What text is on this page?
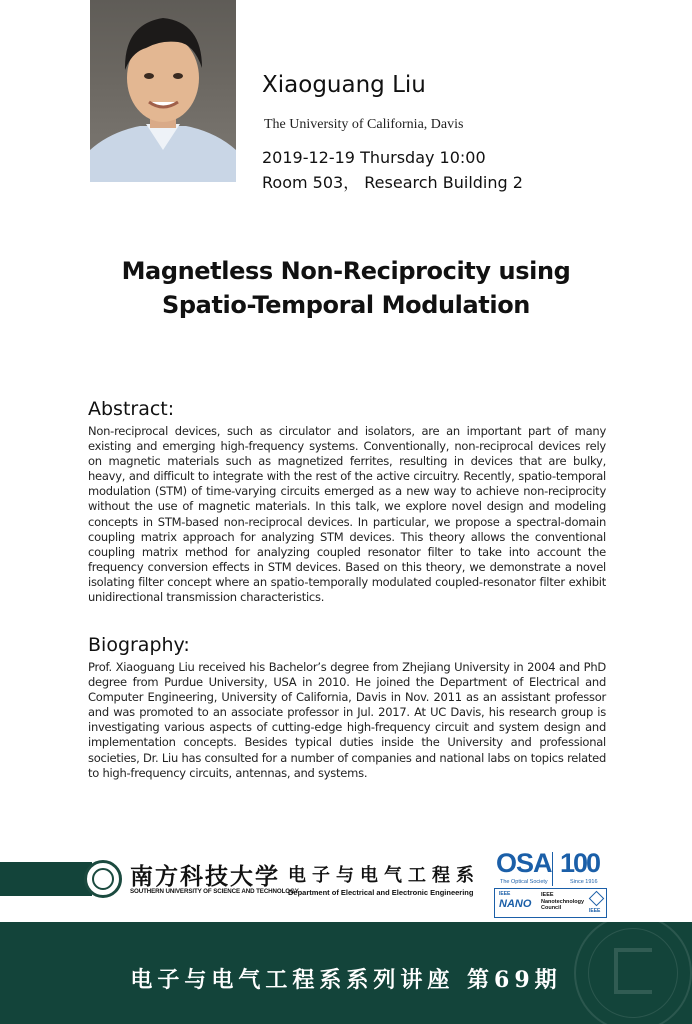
Xiaoguang Liu
The University of California, Davis
2019-12-19 Thursday 10:00
Room 503， Research Building 2
Magnetless Non-Reciprocity using
Spatio-Temporal Modulation
Abstract:
Non-reciprocal devices, such as circulator and isolators, are an important part of many existing and emerging high-frequency systems. Conventionally, non-reciprocal devices rely on magnetic materials such as magnetized ferrites, resulting in devices that are bulky, heavy, and difficult to integrate with the rest of the active circuitry. Recently, spatio-temporal modulation (STM) of time-varying circuits emerged as a new way to achieve non-reciprocity without the use of magnetic materials. In this talk, we explore novel design and modeling concepts in STM-based non-reciprocal devices. In particular, we propose a spectral-domain coupling matrix approach for analyzing STM devices. This theory allows the conventional coupling matrix method for analyzing coupled resonator filter to take into account the frequency conversion effects in STM devices. Based on this theory, we demonstrate a novel isolating filter concept where an spatio-temporally modulated coupled-resonator filter exhibit unidirectional transmission characteristics.
Biography:
Prof. Xiaoguang Liu received his Bachelor’s degree from Zhejiang University in 2004 and PhD degree from Purdue University, USA in 2010. He joined the Department of Electrical and Computer Engineering, University of California, Davis in Nov. 2011 as an assistant professor and was promoted to an associate professor in Jul. 2017. At UC Davis, his research group is investigating various aspects of cutting-edge high-frequency circuit and system design and implementation concepts. Besides typical duties inside the University and professional societies, Dr. Liu has consulted for a number of companies and national labs on topics related to high-frequency circuits, antennas, and systems.
南方科技大学
SOUTHERN UNIVERSITY OF SCIENCE AND TECHNOLOGY
电子与电气工程系
Department of Electrical and Electronic Engineering
OSA
The Optical Society
100
Since 1916
IEEE
NANO
IEEE Nanotechnology Council	IEEE
电子与电气工程系系列讲座 第69期
